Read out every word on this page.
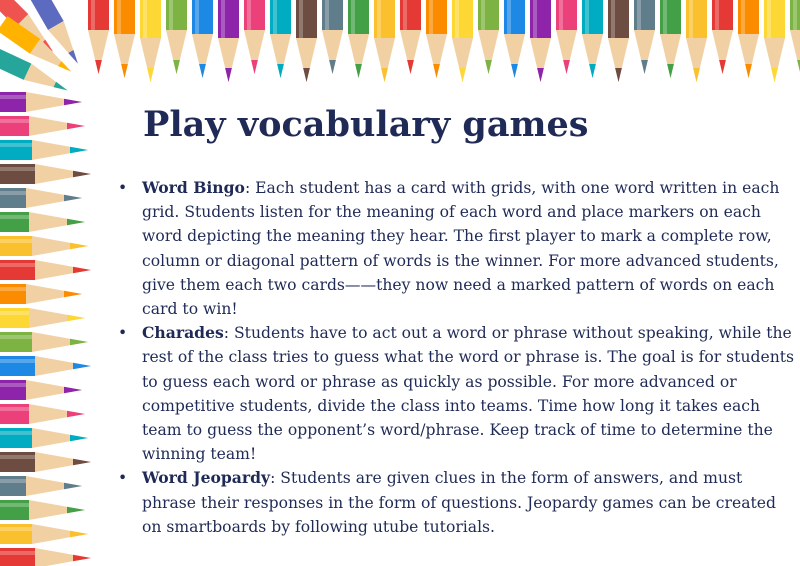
Play vocabulary games
• Word Bingo: Each student has a card with grids, with one word written in each grid. Students listen for the meaning of each word and place markers on each word depicting the meaning they hear. The first player to mark a complete row, column or diagonal pattern of words is the winner. For more advanced students, give them each two cards——they now need a marked pattern of words on each card to win!
• Charades: Students have to act out a word or phrase without speaking, while the rest of the class tries to guess what the word or phrase is. The goal is for students to guess each word or phrase as quickly as possible. For more advanced or competitive students, divide the class into teams. Time how long it takes each team to guess the opponent’s word/phrase. Keep track of time to determine the winning team!
• Word Jeopardy: Students are given clues in the form of answers, and must phrase their responses in the form of questions. Jeopardy games can be created on smartboards by following utube tutorials.
